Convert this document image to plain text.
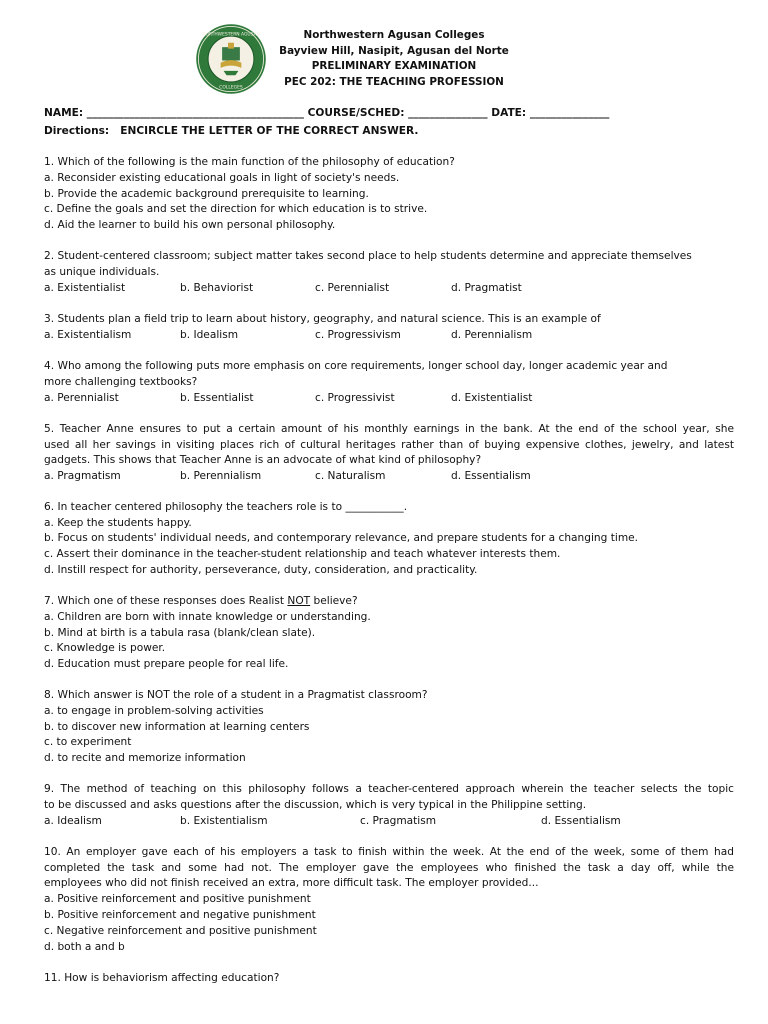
NORTHWESTERN AGUSAN
COLLEGES
Northwestern Agusan Colleges
Bayview Hill, Nasipit, Agusan del Norte
PRELIMINARY EXAMINATION
PEC 202: THE TEACHING PROFESSION
NAME: _________________________________________ COURSE/SCHED: _______________ DATE: _______________
Directions: ENCIRCLE THE LETTER OF THE CORRECT ANSWER.
1. Which of the following is the main function of the philosophy of education?
a. Reconsider existing educational goals in light of society's needs.
b. Provide the academic background prerequisite to learning.
c. Define the goals and set the direction for which education is to strive.
d. Aid the learner to build his own personal philosophy.
2. Student-centered classroom; subject matter takes second place to help students determine and appreciate themselves
as unique individuals.
a. Existentialist	b. Behaviorist	c. Perennialist	d. Pragmatist
3. Students plan a field trip to learn about history, geography, and natural science. This is an example of
a. Existentialism	b. Idealism	c. Progressivism	d. Perennialism
4. Who among the following puts more emphasis on core requirements, longer school day, longer academic year and
more challenging textbooks?
a. Perennialist	b. Essentialist	c. Progressivist	d. Existentialist
5. Teacher Anne ensures to put a certain amount of his monthly earnings in the bank. At the end of the school year, she
used all her savings in visiting places rich of cultural heritages rather than of buying expensive clothes, jewelry, and latest
gadgets. This shows that Teacher Anne is an advocate of what kind of philosophy?
a. Pragmatism	b. Perennialism	c. Naturalism	d. Essentialism
6. In teacher centered philosophy the teachers role is to ___________.
a. Keep the students happy.
b. Focus on students' individual needs, and contemporary relevance, and prepare students for a changing time.
c. Assert their dominance in the teacher-student relationship and teach whatever interests them.
d. Instill respect for authority, perseverance, duty, consideration, and practicality.
7. Which one of these responses does Realist NOT believe?
a. Children are born with innate knowledge or understanding.
b. Mind at birth is a tabula rasa (blank/clean slate).
c. Knowledge is power.
d. Education must prepare people for real life.
8. Which answer is NOT the role of a student in a Pragmatist classroom?
a. to engage in problem-solving activities
b. to discover new information at learning centers
c. to experiment
d. to recite and memorize information
9. The method of teaching on this philosophy follows a teacher-centered approach wherein the teacher selects the topic
to be discussed and asks questions after the discussion, which is very typical in the Philippine setting.
a. Idealism	b. Existentialism	c. Pragmatism	d. Essentialism
10. An employer gave each of his employers a task to finish within the week. At the end of the week, some of them had
completed the task and some had not. The employer gave the employees who finished the task a day off, while the
employees who did not finish received an extra, more difficult task. The employer provided...
a. Positive reinforcement and positive punishment
b. Positive reinforcement and negative punishment
c. Negative reinforcement and positive punishment
d. both a and b
11. How is behaviorism affecting education?
